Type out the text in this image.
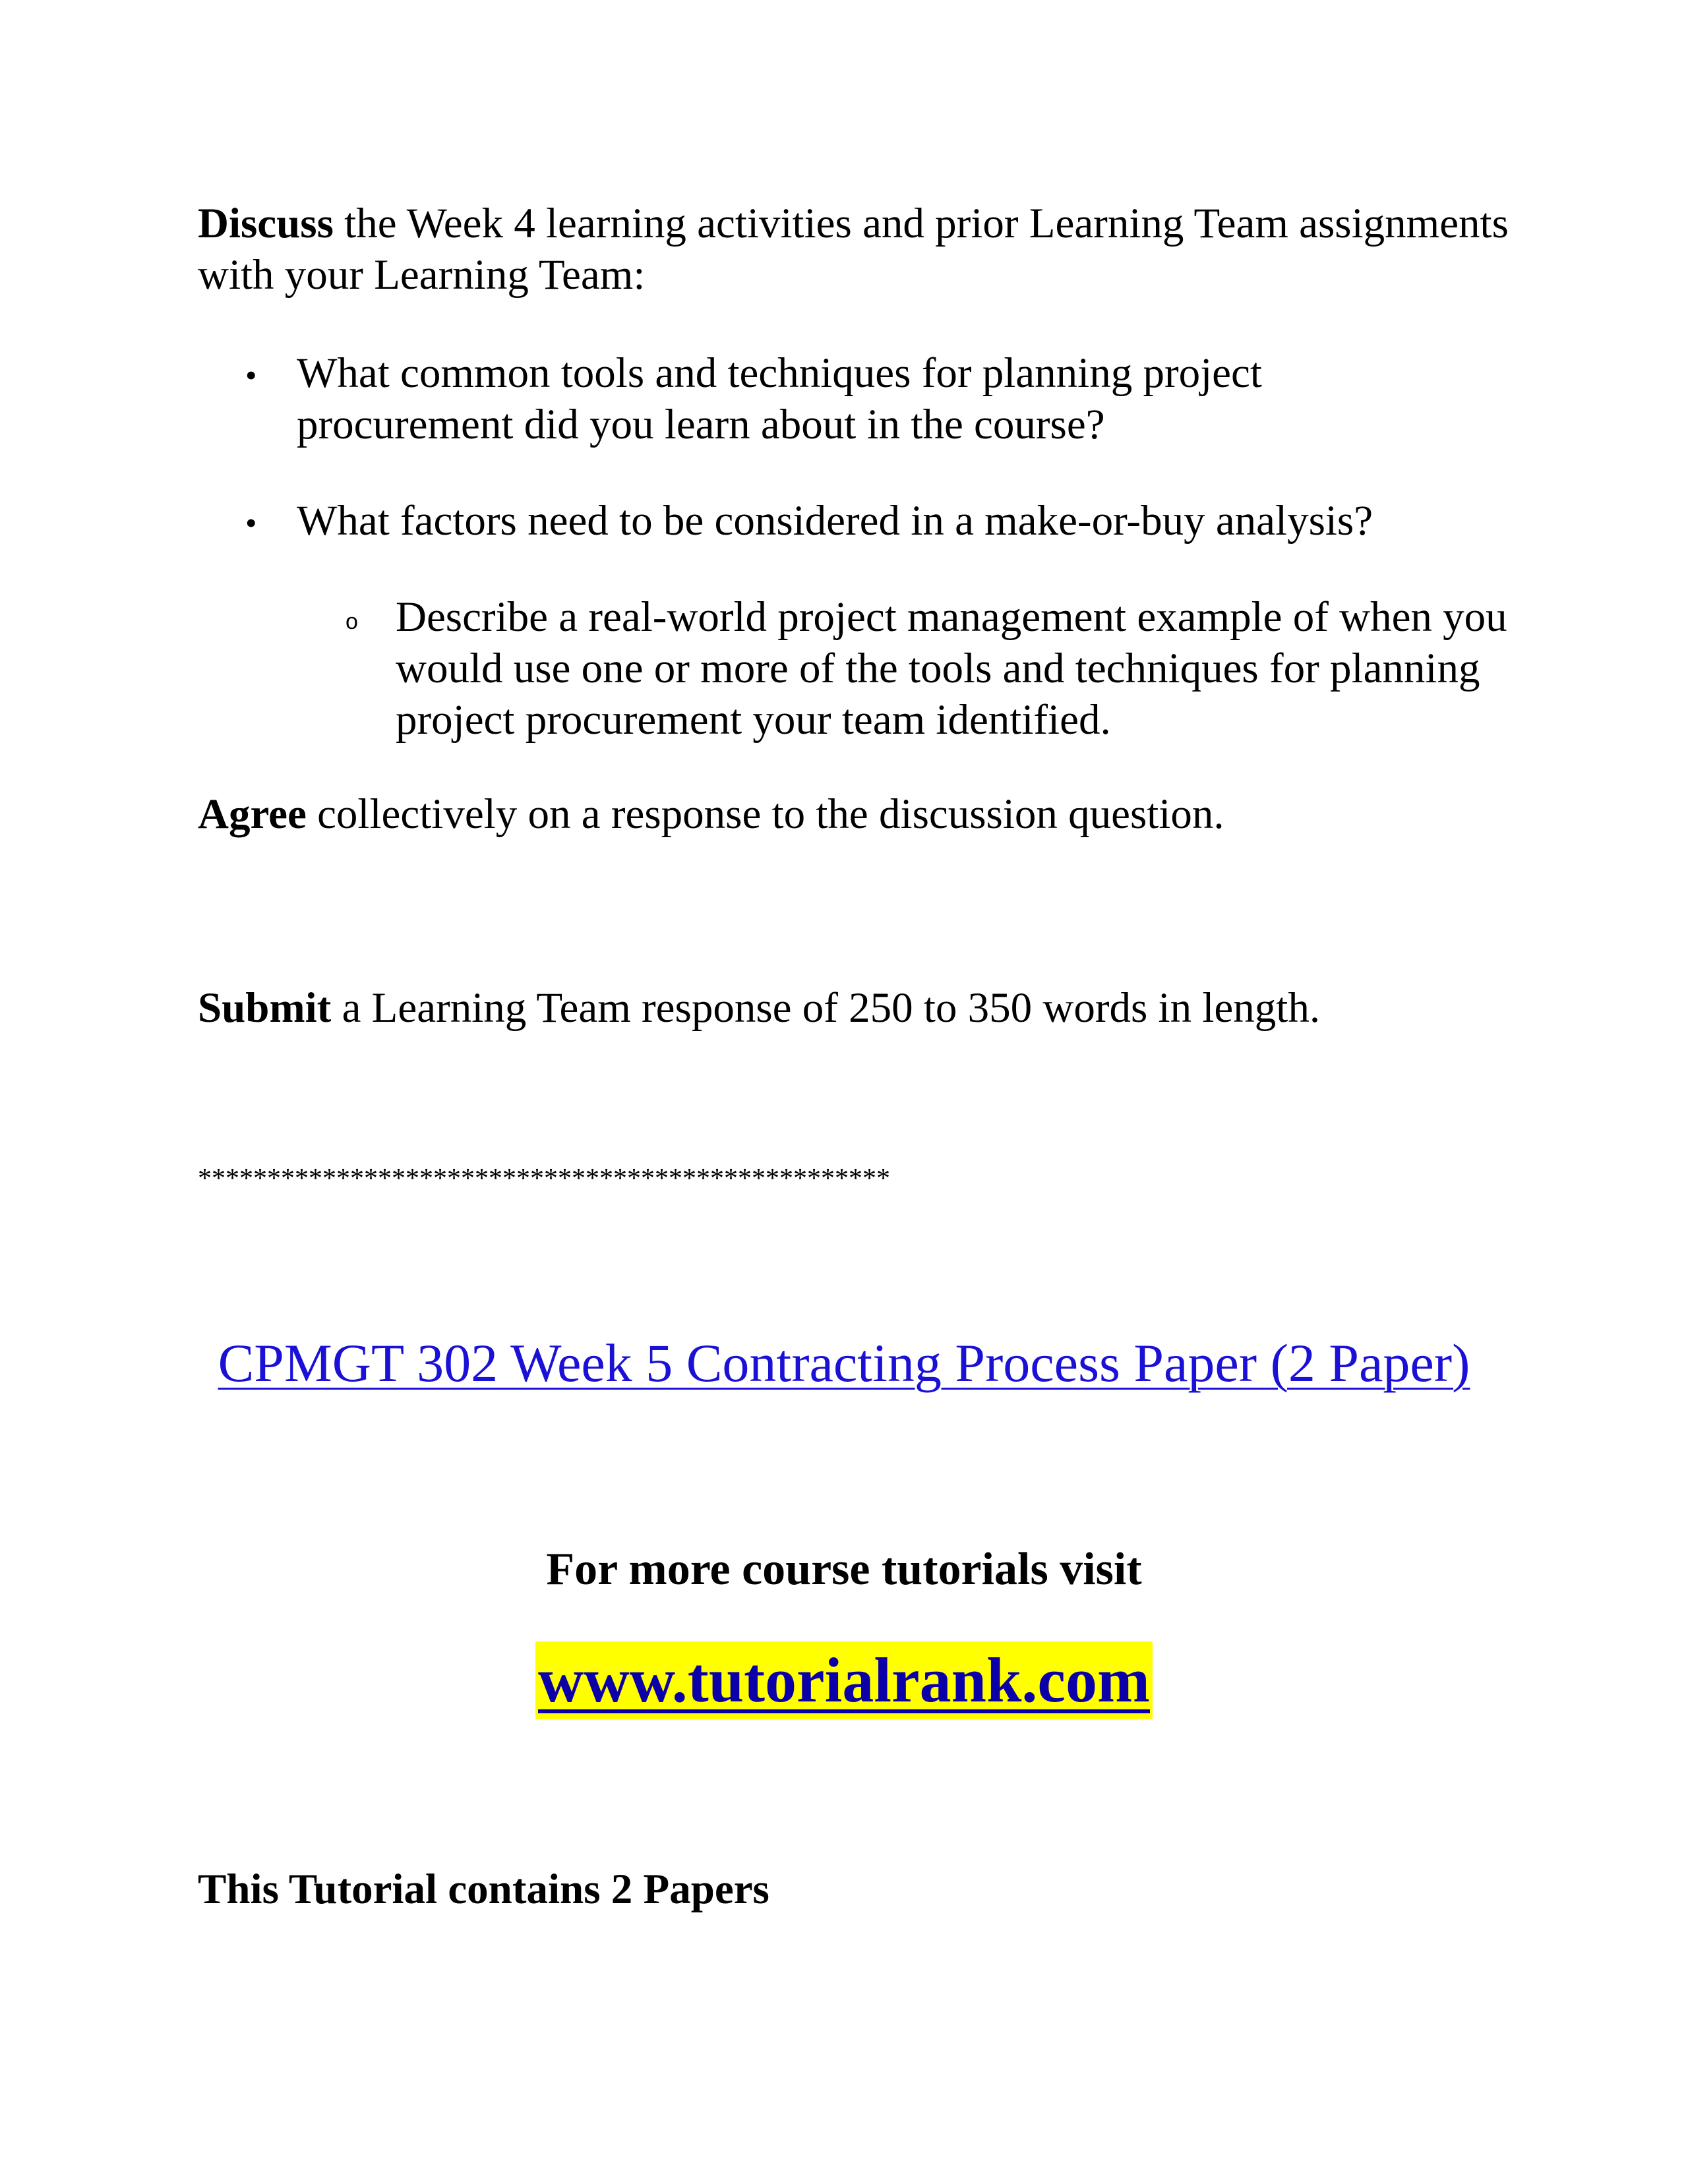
Discuss the Week 4 learning activities and prior Learning Team assignments with your Learning Team:

• What common tools and techniques for planning project procurement did you learn about in the course?

• What factors need to be considered in a make-or-buy analysis?

o Describe a real-world project management example of when you would use one or more of the tools and techniques for planning project procurement your team identified.

Agree collectively on a response to the discussion question.

Submit a Learning Team response of 250 to 350 words in length.

**************************************************
CPMGT 302 Week 5 Contracting Process Paper (2 Paper)
For more course tutorials visit
www.tutorialrank.com
This Tutorial contains 2 Papers
